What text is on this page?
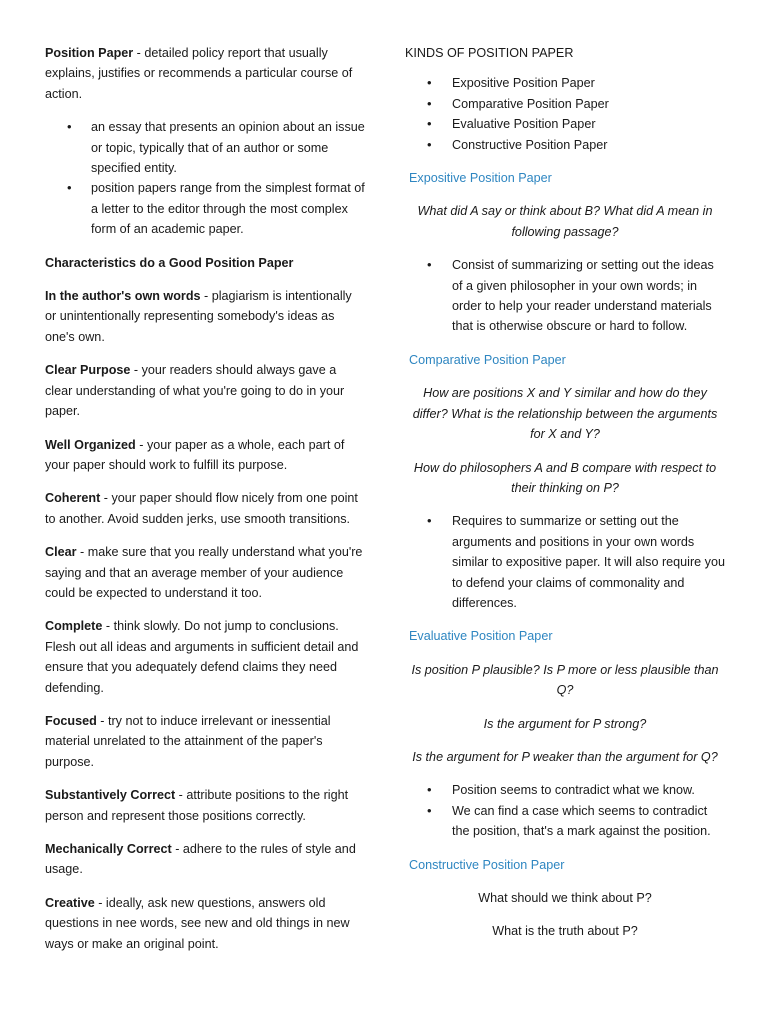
Position Paper - detailed policy report that usually explains, justifies or recommends a particular course of action.

• an essay that presents an opinion about an issue or topic, typically that of an author or some specified entity.
• position papers range from the simplest format of a letter to the editor through the most complex form of an academic paper.

Characteristics do a Good Position Paper

In the author's own words - plagiarism is intentionally or unintentionally representing somebody's ideas as one's own.

Clear Purpose - your readers should always gave a clear understanding of what you're going to do in your paper.

Well Organized - your paper as a whole, each part of your paper should work to fulfill its purpose.

Coherent - your paper should flow nicely from one point to another. Avoid sudden jerks, use smooth transitions.

Clear - make sure that you really understand what you're saying and that an average member of your audience could be expected to understand it too.

Complete - think slowly. Do not jump to conclusions. Flesh out all ideas and arguments in sufficient detail and ensure that you adequately defend claims they need defending.

Focused - try not to induce irrelevant or inessential material unrelated to the attainment of the paper's purpose.

Substantively Correct - attribute positions to the right person and represent those positions correctly.

Mechanically Correct - adhere to the rules of style and usage.

Creative - ideally, ask new questions, answers old questions in nee words, see new and old things in new ways or make an original point.

KINDS OF POSITION PAPER

• Expositive Position Paper
• Comparative Position Paper
• Evaluative Position Paper
• Constructive Position Paper

Expositive Position Paper

What did A say or think about B? What did A mean in following passage?

• Consist of summarizing or setting out the ideas of a given philosopher in your own words; in order to help your reader understand materials that is otherwise obscure or hard to follow.

Comparative Position Paper

How are positions X and Y similar and how do they differ? What is the relationship between the arguments for X and Y?

How do philosophers A and B compare with respect to their thinking on P?

• Requires to summarize or setting out the arguments and positions in your own words similar to expositive paper. It will also require you to defend your claims of commonality and differences.

Evaluative Position Paper

Is position P plausible? Is P more or less plausible than Q?

Is the argument for P strong?

Is the argument for P weaker than the argument for Q?

• Position seems to contradict what we know.
• We can find a case which seems to contradict the position, that's a mark against the position.

Constructive Position Paper

What should we think about P?

What is the truth about P?
